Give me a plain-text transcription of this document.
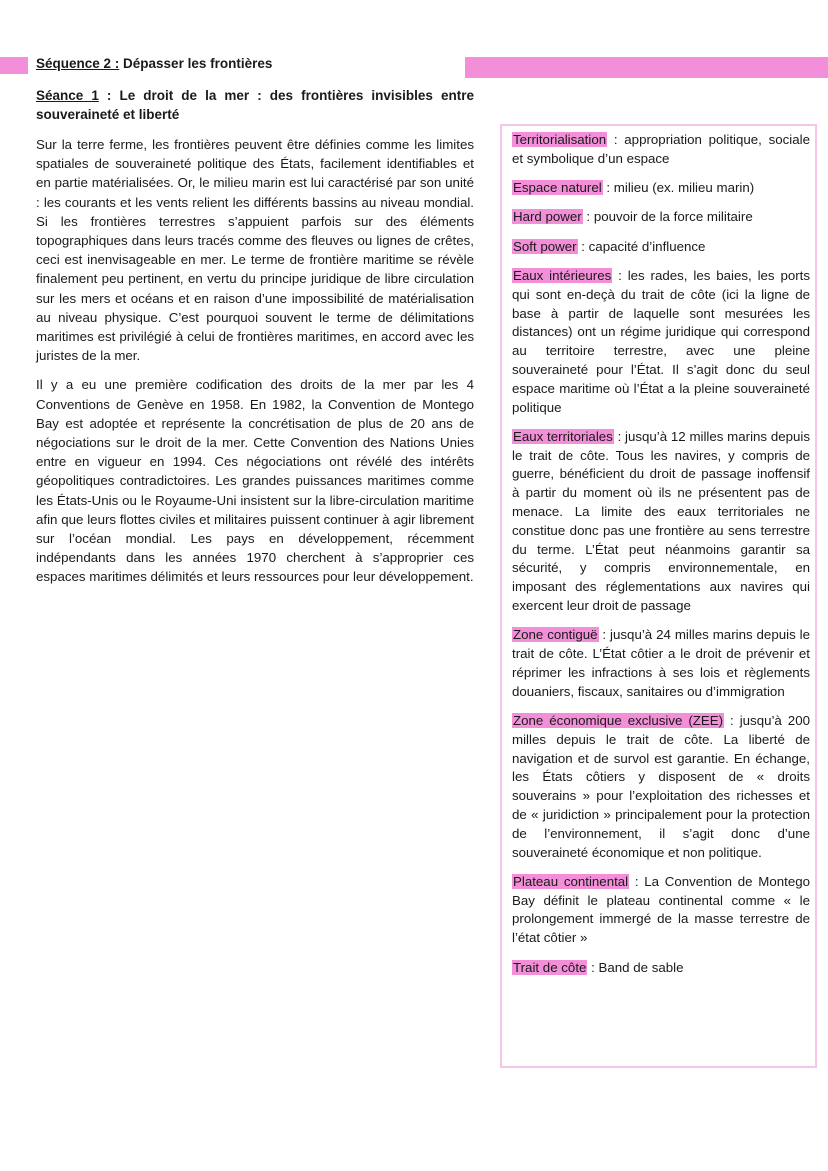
Séquence 2 : Dépasser les frontières

Séance 1 : Le droit de la mer : des frontières invisibles entre souveraineté et liberté

Sur la terre ferme, les frontières peuvent être définies comme les limites spatiales de souveraineté politique des États, facilement identifiables et en partie matérialisées. Or, le milieu marin est lui caractérisé par son unité : les courants et les vents relient les différents bassins au niveau mondial. Si les frontières terrestres s’appuient parfois sur des éléments topographiques dans leurs tracés comme des fleuves ou lignes de crêtes, ceci est inenvisageable en mer. Le terme de frontière maritime se révèle finalement peu pertinent, en vertu du principe juridique de libre circulation sur les mers et océans et en raison d’une impossibilité de matérialisation au niveau physique. C’est pourquoi souvent le terme de délimitations maritimes est privilégié à celui de frontières maritimes, en accord avec les juristes de la mer.

Il y a eu une première codification des droits de la mer par les 4 Conventions de Genève en 1958. En 1982, la Convention de Montego Bay est adoptée et représente la concrétisation de plus de 20 ans de négociations sur le droit de la mer. Cette Convention des Nations Unies entre en vigueur en 1994. Ces négociations ont révélé des intérêts géopolitiques contradictoires. Les grandes puissances maritimes comme les États-Unis ou le Royaume-Uni insistent sur la libre-circulation maritime afin que leurs flottes civiles et militaires puissent continuer à agir librement sur l’océan mondial. Les pays en développement, récemment indépendants dans les années 1970 cherchent à s’approprier ces espaces maritimes délimités et leurs ressources pour leur développement.

Territorialisation : appropriation politique, sociale et symbolique d’un espace
Espace naturel : milieu (ex. milieu marin)
Hard power : pouvoir de la force militaire
Soft power : capacité d’influence
Eaux intérieures : les rades, les baies, les ports qui sont en-deçà du trait de côte (ici la ligne de base à partir de laquelle sont mesurées les distances) ont un régime juridique qui correspond au territoire terrestre, avec une pleine souveraineté pour l’État. Il s’agit donc du seul espace maritime où l’État a la pleine souveraineté politique
Eaux territoriales : jusqu’à 12 milles marins depuis le trait de côte. Tous les navires, y compris de guerre, bénéficient du droit de passage inoffensif à partir du moment où ils ne présentent pas de menace. La limite des eaux territoriales ne constitue donc pas une frontière au sens terrestre du terme. L’État peut néanmoins garantir sa sécurité, y compris environnementale, en imposant des réglementations aux navires qui exercent leur droit de passage
Zone contiguë : jusqu’à 24 milles marins depuis le trait de côte. L’État côtier a le droit de prévenir et réprimer les infractions à ses lois et règlements douaniers, fiscaux, sanitaires ou d’immigration
Zone économique exclusive (ZEE) : jusqu’à 200 milles depuis le trait de côte. La liberté de navigation et de survol est garantie. En échange, les États côtiers y disposent de « droits souverains » pour l’exploitation des richesses et de « juridiction » principalement pour la protection de l’environnement, il s’agit donc d’une souveraineté économique et non politique.
Plateau continental : La Convention de Montego Bay définit le plateau continental comme « le prolongement immergé de la masse terrestre de l’état côtier »
Trait de côte : Band de sable
